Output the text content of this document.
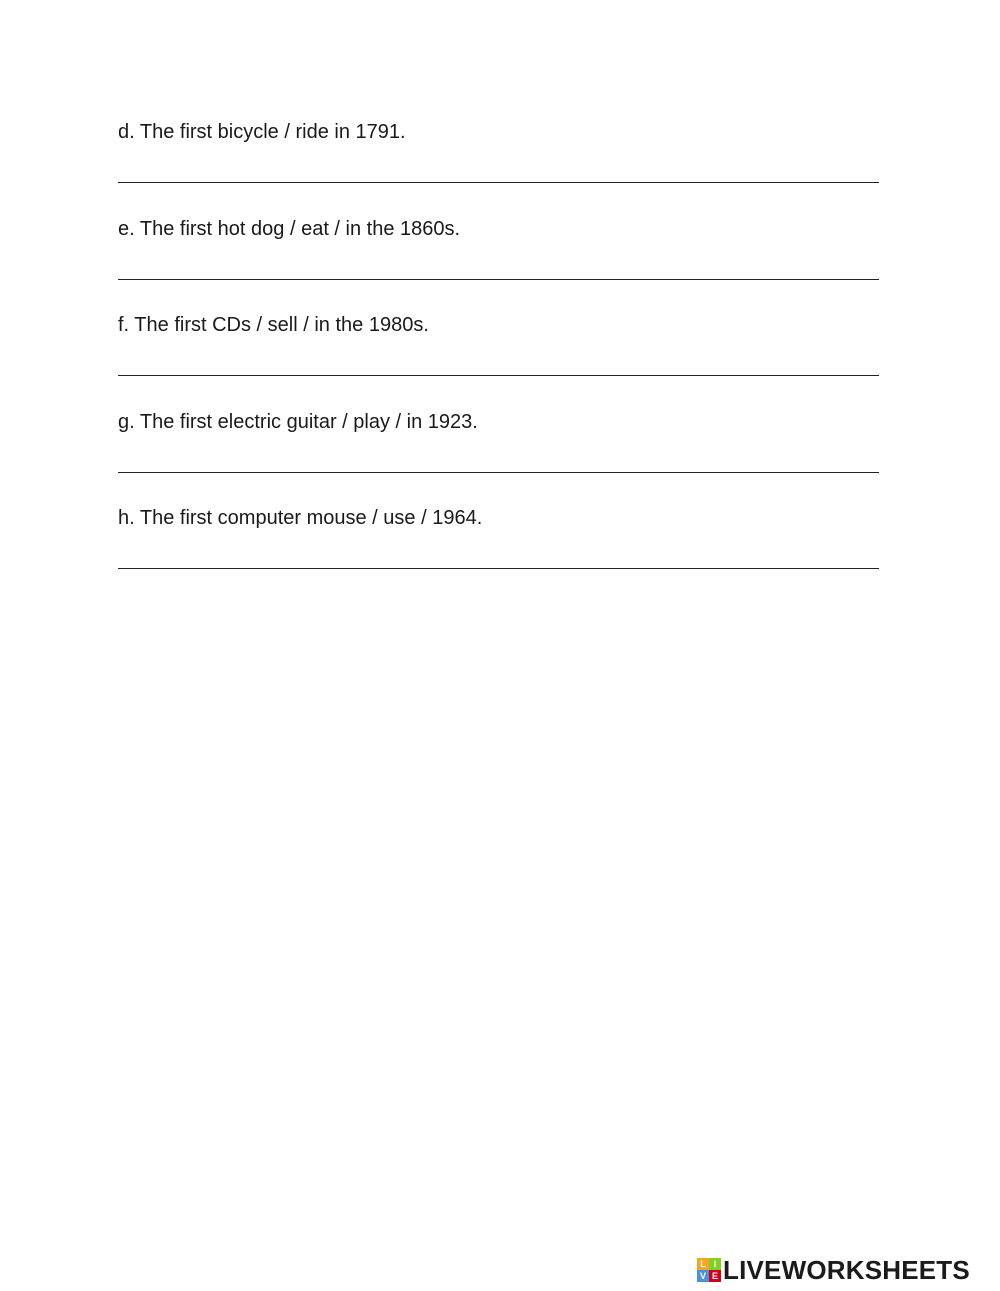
d. The first bicycle / ride in 1791.
e. The first hot dog / eat / in the 1860s.
f. The first CDs / sell / in the 1980s.
g. The first electric guitar / play / in 1923.
h. The first computer mouse / use / 1964.
L I
V E LIVEWORKSHEETS
